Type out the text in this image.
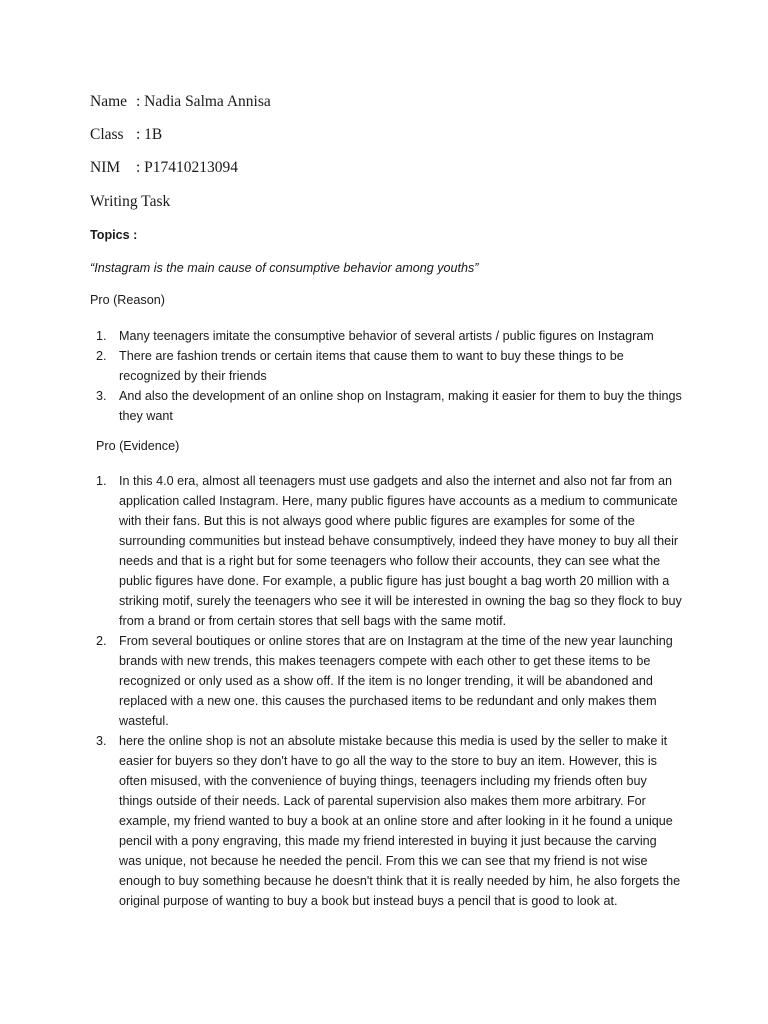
Name : Nadia Salma Annisa
Class : 1B
NIM : P17410213094
Writing Task
Topics :
“Instagram is the main cause of consumptive behavior among youths”
Pro (Reason)
1. Many teenagers imitate the consumptive behavior of several artists / public figures on Instagram
2. There are fashion trends or certain items that cause them to want to buy these things to be recognized by their friends
3. And also the development of an online shop on Instagram, making it easier for them to buy the things they want
Pro (Evidence)
1. In this 4.0 era, almost all teenagers must use gadgets and also the internet and also not far from an application called Instagram. Here, many public figures have accounts as a medium to communicate with their fans. But this is not always good where public figures are examples for some of the surrounding communities but instead behave consumptively, indeed they have money to buy all their needs and that is a right but for some teenagers who follow their accounts, they can see what the public figures have done. For example, a public figure has just bought a bag worth 20 million with a striking motif, surely the teenagers who see it will be interested in owning the bag so they flock to buy from a brand or from certain stores that sell bags with the same motif.
2. From several boutiques or online stores that are on Instagram at the time of the new year launching brands with new trends, this makes teenagers compete with each other to get these items to be recognized or only used as a show off. If the item is no longer trending, it will be abandoned and replaced with a new one. this causes the purchased items to be redundant and only makes them wasteful.
3. here the online shop is not an absolute mistake because this media is used by the seller to make it easier for buyers so they don't have to go all the way to the store to buy an item. However, this is often misused, with the convenience of buying things, teenagers including my friends often buy things outside of their needs. Lack of parental supervision also makes them more arbitrary. For example, my friend wanted to buy a book at an online store and after looking in it he found a unique pencil with a pony engraving, this made my friend interested in buying it just because the carving was unique, not because he needed the pencil. From this we can see that my friend is not wise enough to buy something because he doesn't think that it is really needed by him, he also forgets the original purpose of wanting to buy a book but instead buys a pencil that is good to look at.
